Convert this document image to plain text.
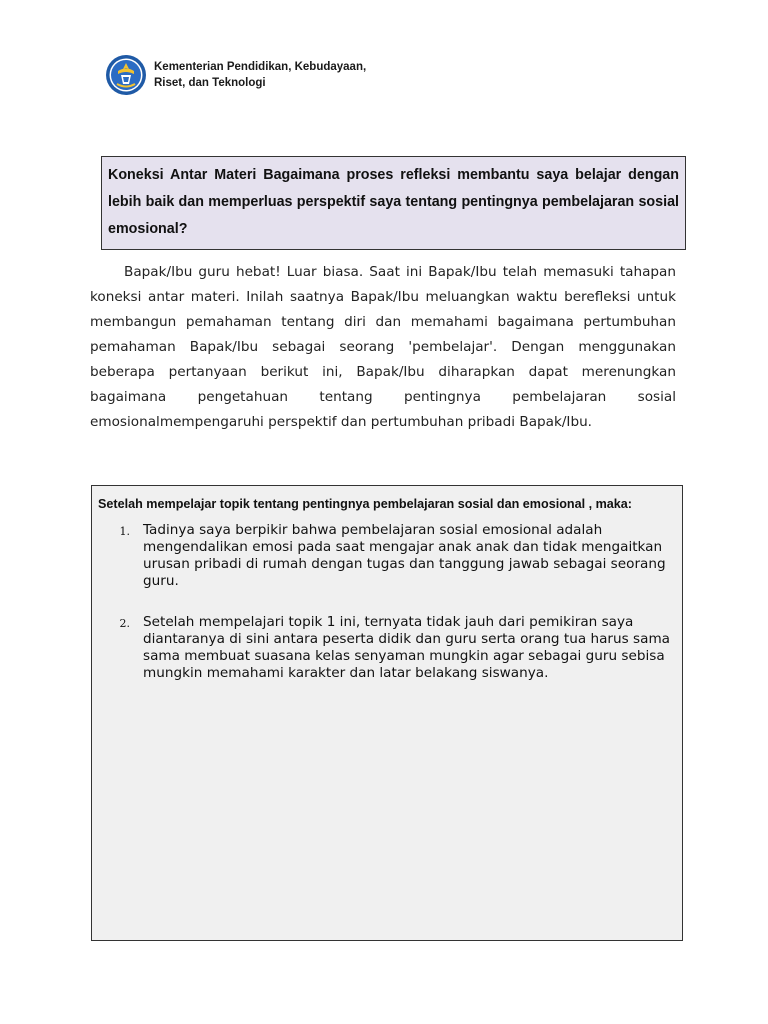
Kementerian Pendidikan, Kebudayaan,
Riset, dan Teknologi
Koneksi Antar Materi Bagaimana proses refleksi membantu saya belajar dengan lebih baik dan memperluas perspektif saya tentang pentingnya pembelajaran sosial emosional?

Bapak/Ibu guru hebat! Luar biasa. Saat ini Bapak/Ibu telah memasuki tahapan koneksi antar materi. Inilah saatnya Bapak/Ibu meluangkan waktu berefleksi untuk membangun pemahaman tentang diri dan memahami bagaimana pertumbuhan pemahaman Bapak/Ibu sebagai seorang 'pembelajar'. Dengan menggunakan beberapa pertanyaan berikut ini, Bapak/Ibu diharapkan dapat merenungkan bagaimana pengetahuan tentang pentingnya pembelajaran sosial emosionalmempengaruhi perspektif dan pertumbuhan pribadi Bapak/Ibu.

Setelah mempelajar topik tentang pentingnya pembelajaran sosial dan emosional , maka:
1. Tadinya saya berpikir bahwa pembelajaran sosial emosional adalah mengendalikan emosi pada saat mengajar anak anak dan tidak mengaitkan urusan pribadi di rumah dengan tugas dan tanggung jawab sebagai seorang guru.
2. Setelah mempelajari topik 1 ini, ternyata tidak jauh dari pemikiran saya diantaranya di sini antara peserta didik dan guru serta orang tua harus sama sama membuat suasana kelas senyaman mungkin agar sebagai guru sebisa mungkin memahami karakter dan latar belakang siswanya.
